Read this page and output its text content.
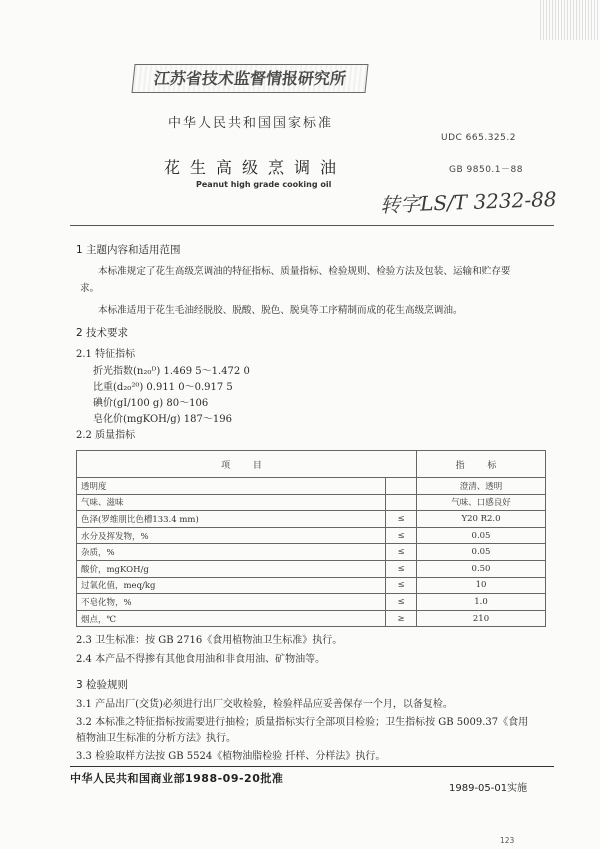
江苏省技术监督情报研究所
中华人民共和国国家标准
UDC 665.325.2
花生高级烹调油	GB 9850.1－88
Peanut high grade cooking oil
转字LS/T 3232-88
1 主题内容和适用范围
本标准规定了花生高级烹调油的特征指标、质量指标、检验规则、检验方法及包装、运输和贮存要
求。
本标准适用于花生毛油经脱胶、脱酸、脱色、脱臭等工序精制而成的花生高级烹调油。
2 技术要求
2.1 特征指标
折光指数(n₂₀ᴰ) 1.469 5～1.472 0
比重(d₂₀²⁰) 0.911 0～0.917 5
碘价(gI/100 g) 80～106
皂化价(mgKOH/g) 187～196
2.2 质量指标
项 目		指 标
透明度		澄清、透明
气味、滋味		气味、口感良好
色泽(罗维朋比色槽133.4 mm)	≤	Y20 R2.0
水分及挥发物，%	≤	0.05
杂质，%	≤	0.05
酸价，mgKOH/g	≤	0.50
过氧化值，meq/kg	≤	10
不皂化物，%	≤	1.0
烟点，℃	≥	210
2.3 卫生标准：按 GB 2716《食用植物油卫生标准》执行。
2.4 本产品不得掺有其他食用油和非食用油、矿物油等。
3 检验规则
3.1 产品出厂(交货)必须进行出厂交收检验，检验样品应妥善保存一个月，以备复检。
3.2 本标准之特征指标按需要进行抽检；质量指标实行全部项目检验；卫生指标按 GB 5009.37《食用
植物油卫生标准的分析方法》执行。
3.3 检验取样方法按 GB 5524《植物油脂检验 扦样、分样法》执行。
中华人民共和国商业部1988-09-20批准
1989-05-01实施
123
